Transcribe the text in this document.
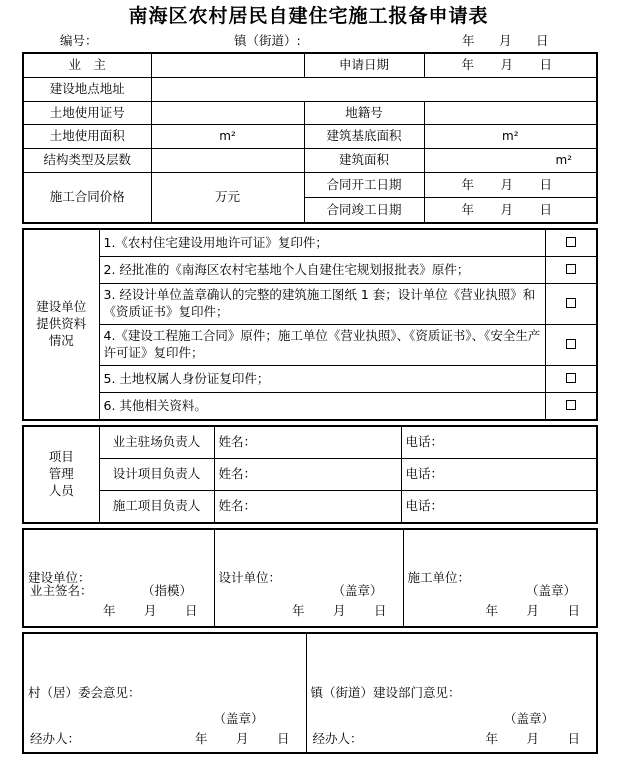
南海区农村居民自建住宅施工报备申请表
编号：	镇（街道）:	年　月　日
业　主		申请日期	年　月　日
建设地点地址			
土地使用证号		地籍号	
土地使用面积	m²	建筑基底面积	m²
结构类型及层数		建筑面积	m²
施工合同价格	万元	合同开工日期	年　月　日
		合同竣工日期	年　月　日
建设单位
提供资料
情况	1.《农村住宅建设用地许可证》复印件；	
	2. 经批准的《南海区农村宅基地个人自建住宅规划报批表》原件；	
	3. 经设计单位盖章确认的完整的建筑施工图纸 1 套；设计单位《营业执照》和《资质证书》复印件；	
	4.《建设工程施工合同》原件；施工单位《营业执照》、《资质证书》、《安全生产许可证》复印件；	
	5. 土地权属人身份证复印件；	
	6. 其他相关资料。	
项目
管理
人员	业主驻场负责人	姓名：	电话：
	设计项目负责人	姓名：	电话：
	施工项目负责人	姓名：	电话：
建设单位：
业主签名：	（指模）
年　月　日

设计单位：
（盖章）
年　月　日

施工单位：
（盖章）
年　月　日
村（居）委会意见：
（盖章）
经办人：	年　月　日

镇（街道）建设部门意见：
（盖章）
经办人：	年　月　日
